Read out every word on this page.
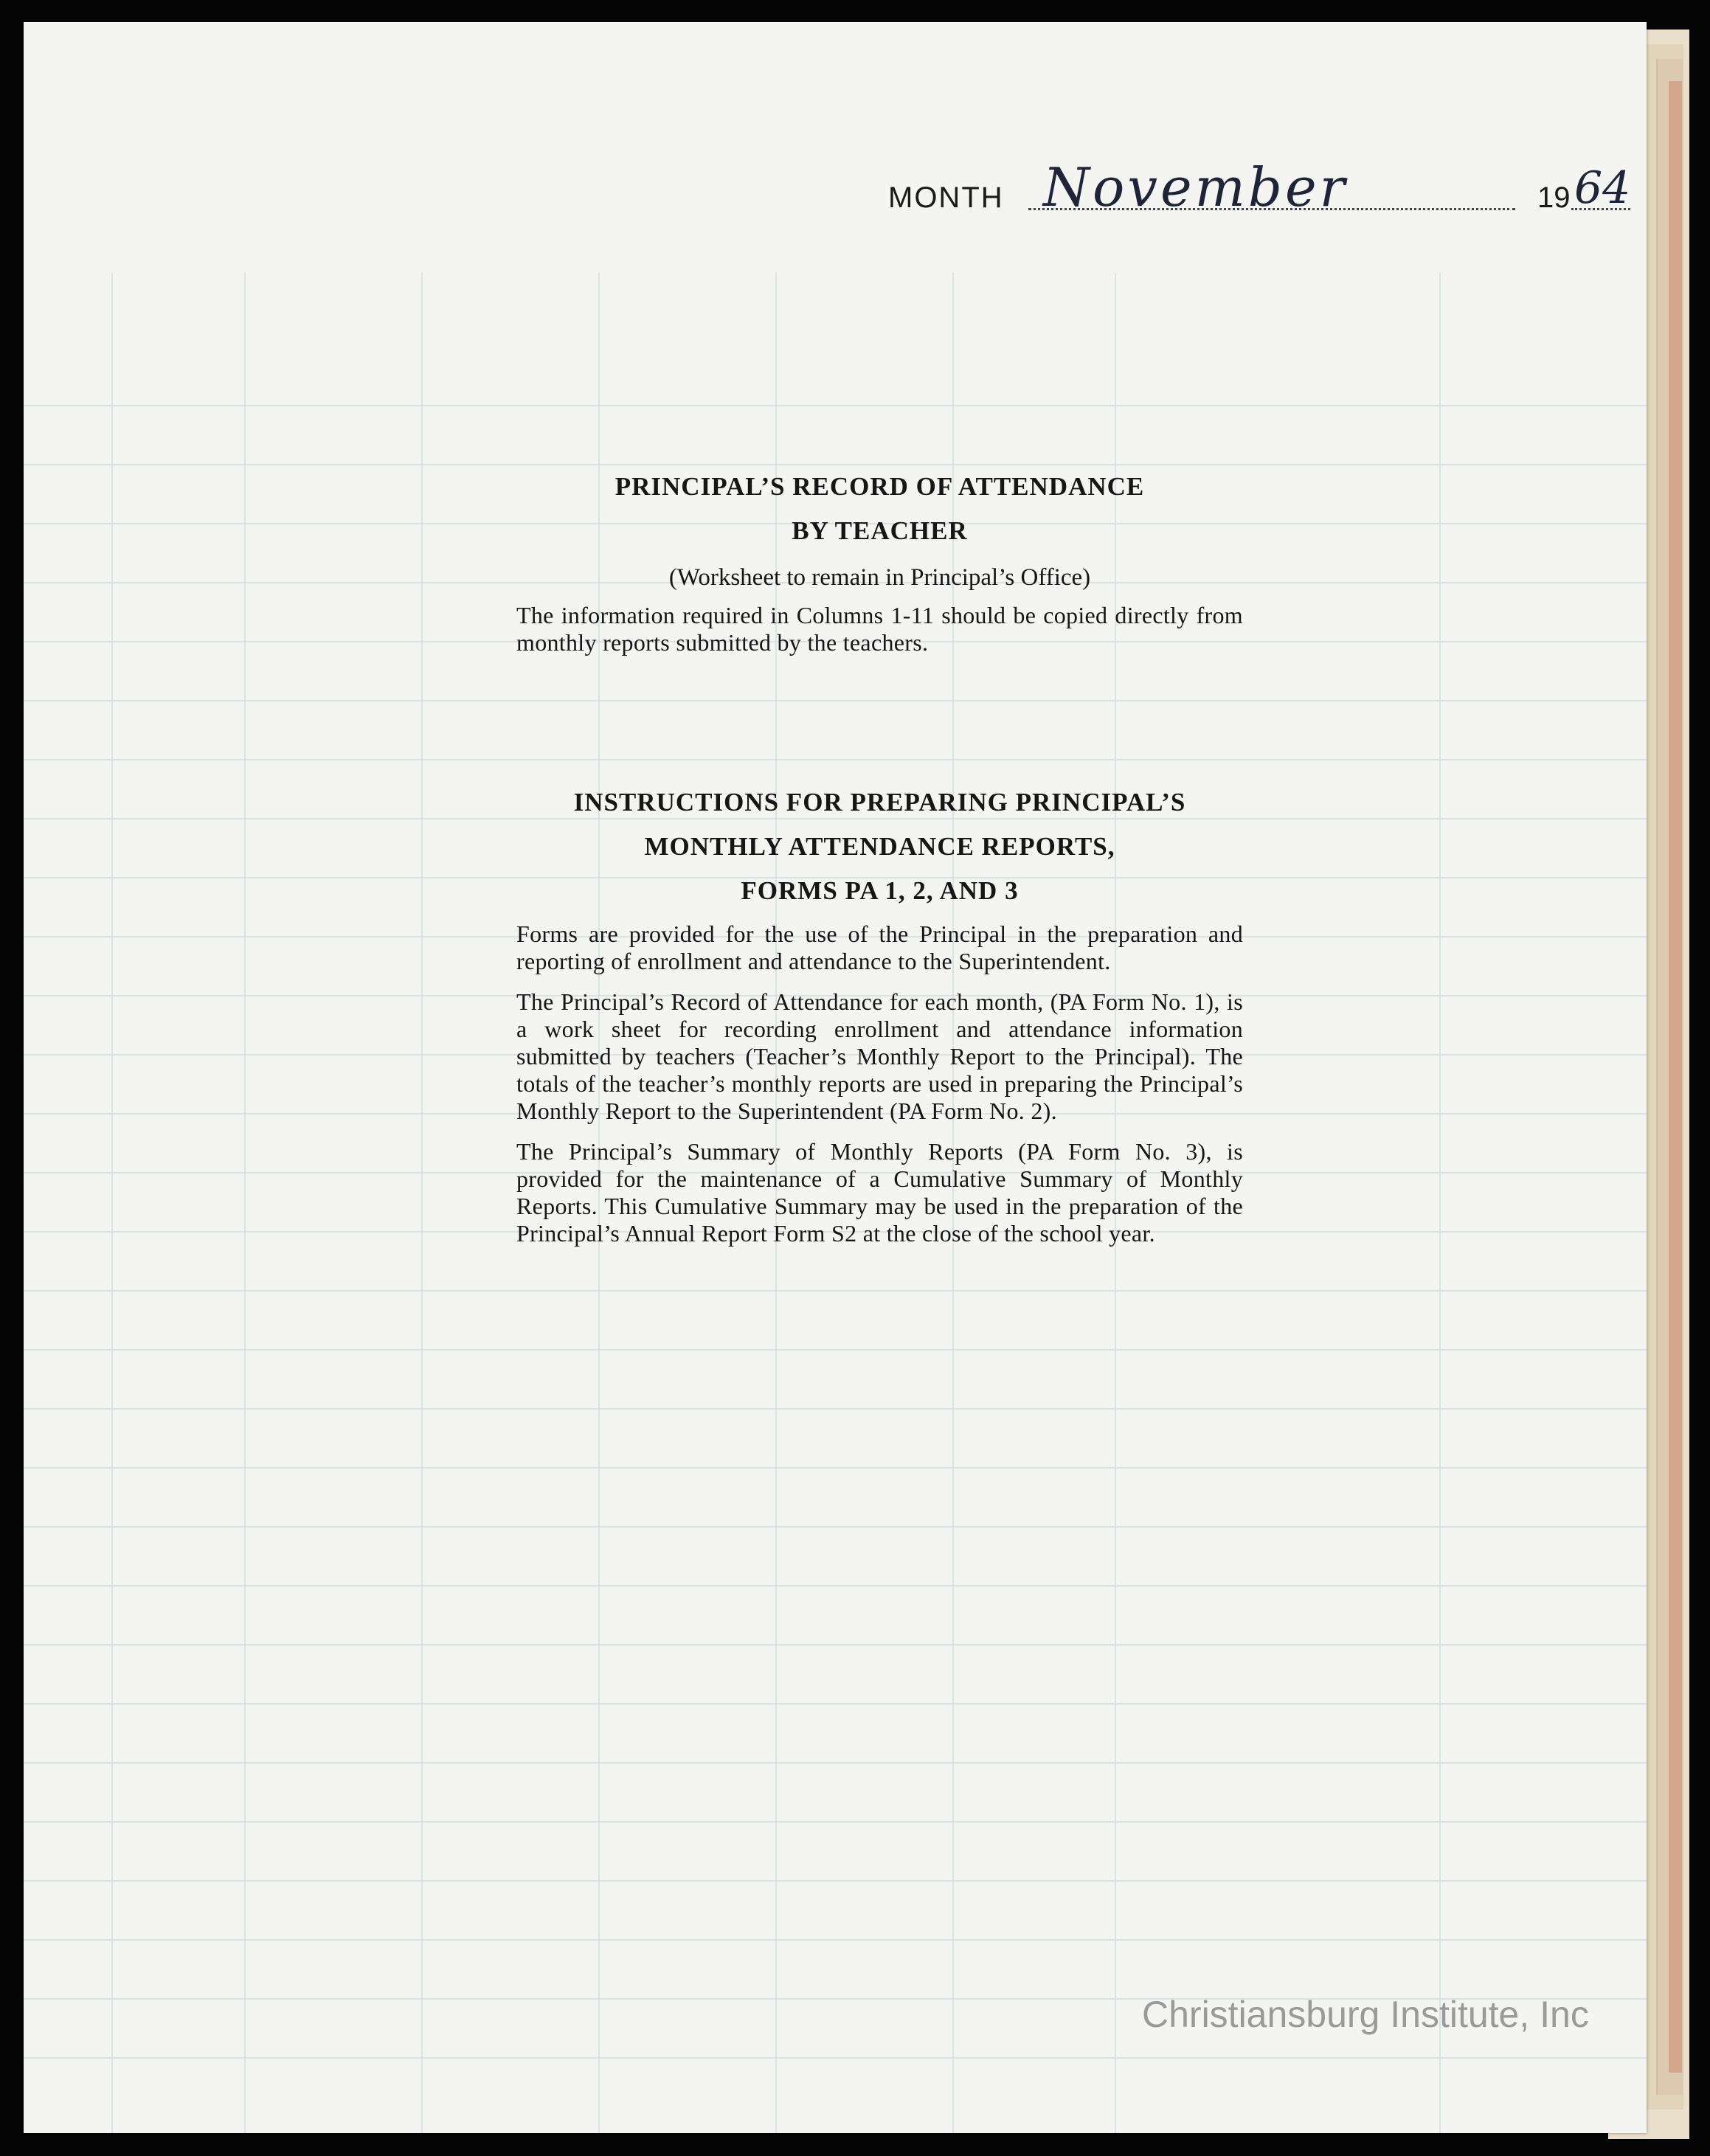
MONTH November	19 64
PRINCIPAL’S RECORD OF ATTENDANCE
BY TEACHER

(Worksheet to remain in Principal’s Office)

The information required in Columns 1-11 should be copied directly from monthly reports submitted by the teachers.

INSTRUCTIONS FOR PREPARING PRINCIPAL’S
MONTHLY ATTENDANCE REPORTS,
FORMS PA 1, 2, AND 3

Forms are provided for the use of the Principal in the preparation and reporting of enrollment and attendance to the Superintendent.

The Principal’s Record of Attendance for each month, (PA Form No. 1), is a work sheet for recording enrollment and attendance information submitted by teachers (Teacher’s Monthly Report to the Principal). The totals of the teacher’s monthly reports are used in preparing the Principal’s Monthly Report to the Superintendent (PA Form No. 2).

The Principal’s Summary of Monthly Reports (PA Form No. 3), is provided for the maintenance of a Cumulative Summary of Monthly Reports. This Cumulative Summary may be used in the preparation of the Principal’s Annual Report Form S2 at the close of the school year.

Christiansburg Institute, Inc
